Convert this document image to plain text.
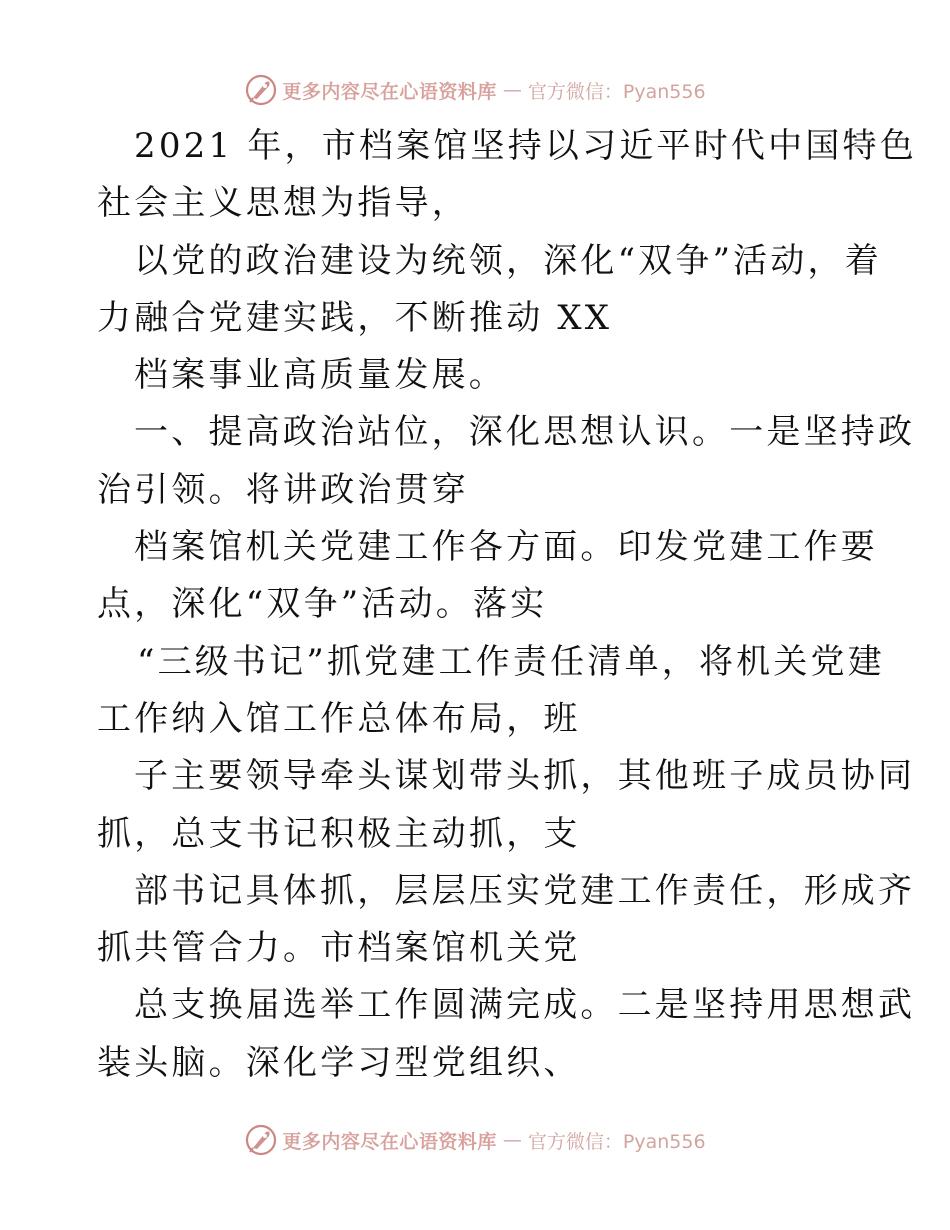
更多内容尽在心语资料库 — 官方微信：Pyan556
2021 年，市档案馆坚持以习近平时代中国特色
社会主义思想为指导，
以党的政治建设为统领，深化“双争”活动，着
力融合党建实践，不断推动 XX
档案事业高质量发展。
一、提高政治站位，深化思想认识。一是坚持政
治引领。将讲政治贯穿
档案馆机关党建工作各方面。印发党建工作要
点，深化“双争”活动。落实
“三级书记”抓党建工作责任清单，将机关党建
工作纳入馆工作总体布局，班
子主要领导牵头谋划带头抓，其他班子成员协同
抓，总支书记积极主动抓，支
部书记具体抓，层层压实党建工作责任，形成齐
抓共管合力。市档案馆机关党
总支换届选举工作圆满完成。二是坚持用思想武
装头脑。深化学习型党组织、
更多内容尽在心语资料库 — 官方微信：Pyan556
